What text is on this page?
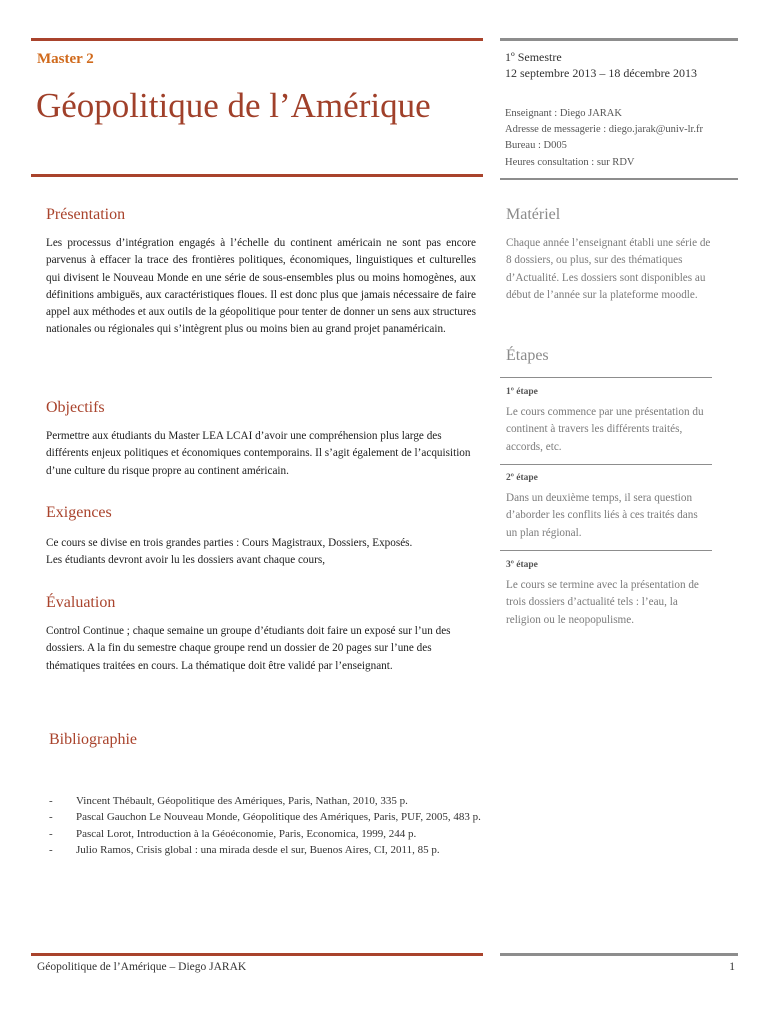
Master 2
Géopolitique de l’Amérique
1º Semestre
12 septembre 2013 – 18 décembre 2013
Enseignant : Diego JARAK
Adresse de messagerie : diego.jarak@univ-lr.fr
Bureau : D005
Heures consultation : sur RDV
Présentation
Les processus d’intégration engagés à l’échelle du continent américain ne sont pas encore parvenus à effacer la trace des frontières politiques, économiques, linguistiques et culturelles qui divisent le Nouveau Monde en une série de sous-ensembles plus ou moins homogènes, aux définitions ambiguës, aux caractéristiques floues. Il est donc plus que jamais nécessaire de faire appel aux méthodes et aux outils de la géopolitique pour tenter de donner un sens aux structures nationales ou régionales qui s’intègrent plus ou moins bien au grand projet panaméricain.
Objectifs
Permettre aux étudiants du Master LEA LCAI d’avoir une compréhension plus large des différents enjeux politiques et économiques contemporains. Il s’agit également de l’acquisition d’une culture du risque propre au continent américain.
Exigences
Ce cours se divise en trois grandes parties : Cours Magistraux, Dossiers, Exposés.
Les étudiants devront avoir lu les dossiers avant chaque cours,
Évaluation
Control Continue ; chaque semaine un groupe d’étudiants doit faire un exposé sur l’un des dossiers. A la fin du semestre chaque groupe rend un dossier de 20 pages sur l’une des thématiques traitées en cours. La thématique doit être validé par l’enseignant.
Bibliographie
- Vincent Thébault, Géopolitique des Amériques, Paris, Nathan, 2010, 335 p.
- Pascal Gauchon Le Nouveau Monde, Géopolitique des Amériques, Paris, PUF, 2005, 483 p.
- Pascal Lorot, Introduction à la Géoéconomie, Paris, Economica, 1999, 244 p.
- Julio Ramos, Crisis global : una mirada desde el sur, Buenos Aires, CI, 2011, 85 p.
Matériel
Chaque année l’enseignant établi une série de 8 dossiers, ou plus, sur des thématiques d’Actualité. Les dossiers sont disponibles au début de l’année sur la plateforme moodle.
Étapes
1º étape
Le cours commence par une présentation du continent à travers les différents traités, accords, etc.
2º étape
Dans un deuxième temps, il sera question d’aborder les conflits liés à ces traités dans un plan régional.
3º étape
Le cours se termine avec la présentation de trois dossiers d’actualité tels : l’eau, la religion ou le neopopulisme.
Géopolitique de l’Amérique – Diego JARAK	1
